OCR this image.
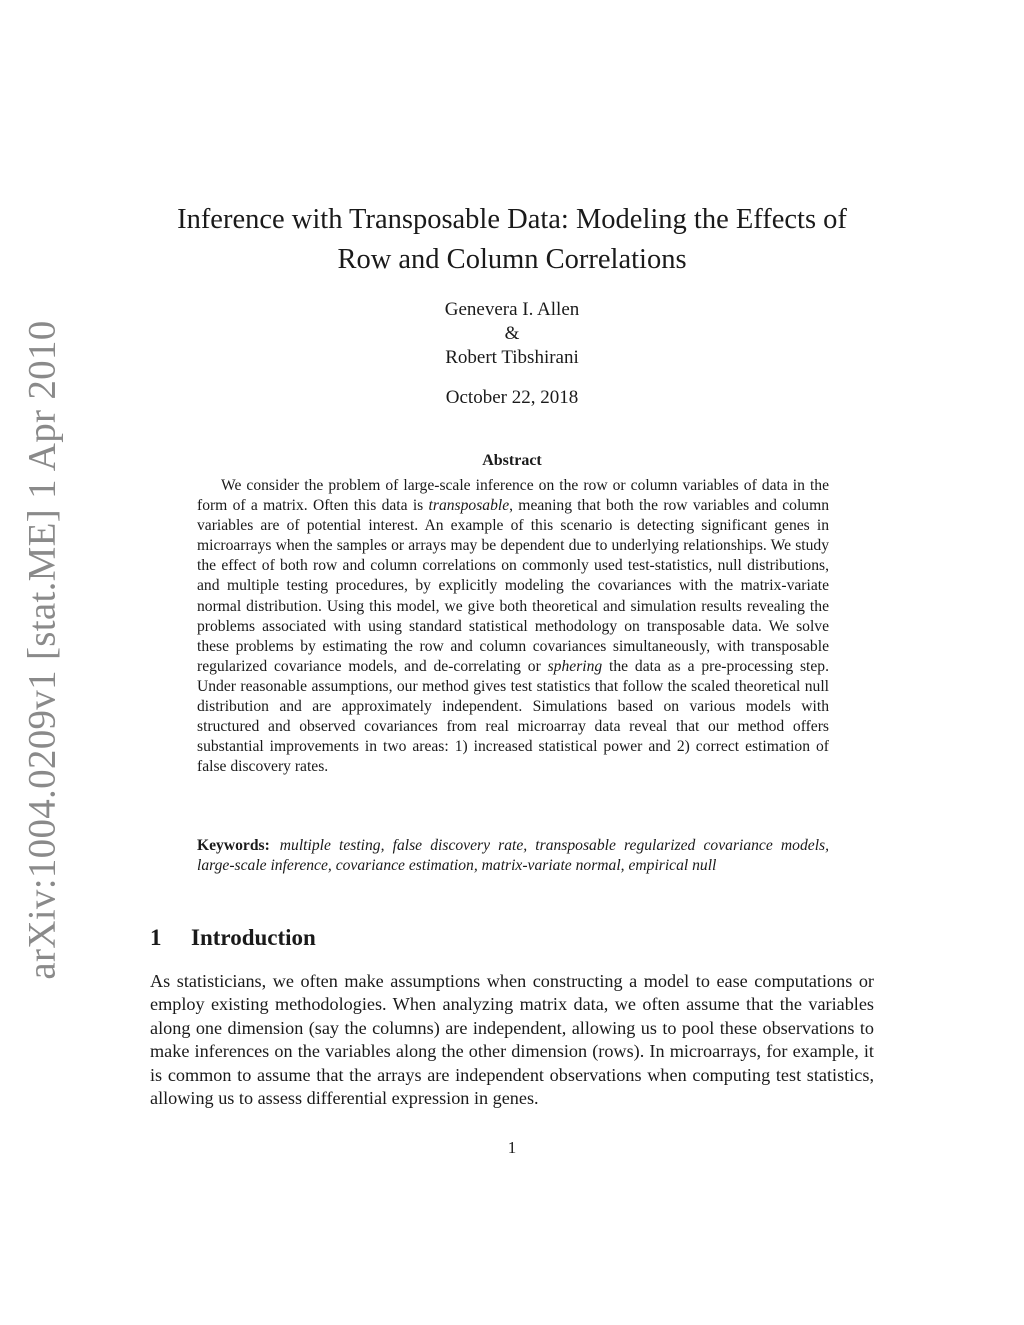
arXiv:1004.0209v1 [stat.ME] 1 Apr 2010
Inference with Transposable Data: Modeling the Effects of
Row and Column Correlations
Genevera I. Allen
&
Robert Tibshirani
October 22, 2018
Abstract

We consider the problem of large-scale inference on the row or column variables of data in the form of a matrix. Often this data is transposable, meaning that both the row variables and column variables are of potential interest. An example of this scenario is detecting significant genes in microarrays when the samples or arrays may be dependent due to underlying relationships. We study the effect of both row and column correlations on commonly used test-statistics, null distributions, and multiple testing procedures, by explicitly modeling the covariances with the matrix-variate normal distribution. Using this model, we give both theoretical and simulation results revealing the problems associated with using standard statistical methodology on transposable data. We solve these problems by estimating the row and column covariances simultaneously, with transposable regularized covariance models, and de-correlating or sphering the data as a pre-processing step. Under reasonable assumptions, our method gives test statistics that follow the scaled theoretical null distribution and are approximately independent. Simulations based on various models with structured and observed covariances from real microarray data reveal that our method offers substantial improvements in two areas: 1) increased statistical power and 2) correct estimation of false discovery rates.

Keywords: multiple testing, false discovery rate, transposable regularized covariance models, large-scale inference, covariance estimation, matrix-variate normal, empirical null

1 Introduction

As statisticians, we often make assumptions when constructing a model to ease computations or employ existing methodologies. When analyzing matrix data, we often assume that the variables along one dimension (say the columns) are independent, allowing us to pool these observations to make inferences on the variables along the other dimension (rows). In microarrays, for example, it is common to assume that the arrays are independent observations when computing test statistics, allowing us to assess differential expression in genes.

1
